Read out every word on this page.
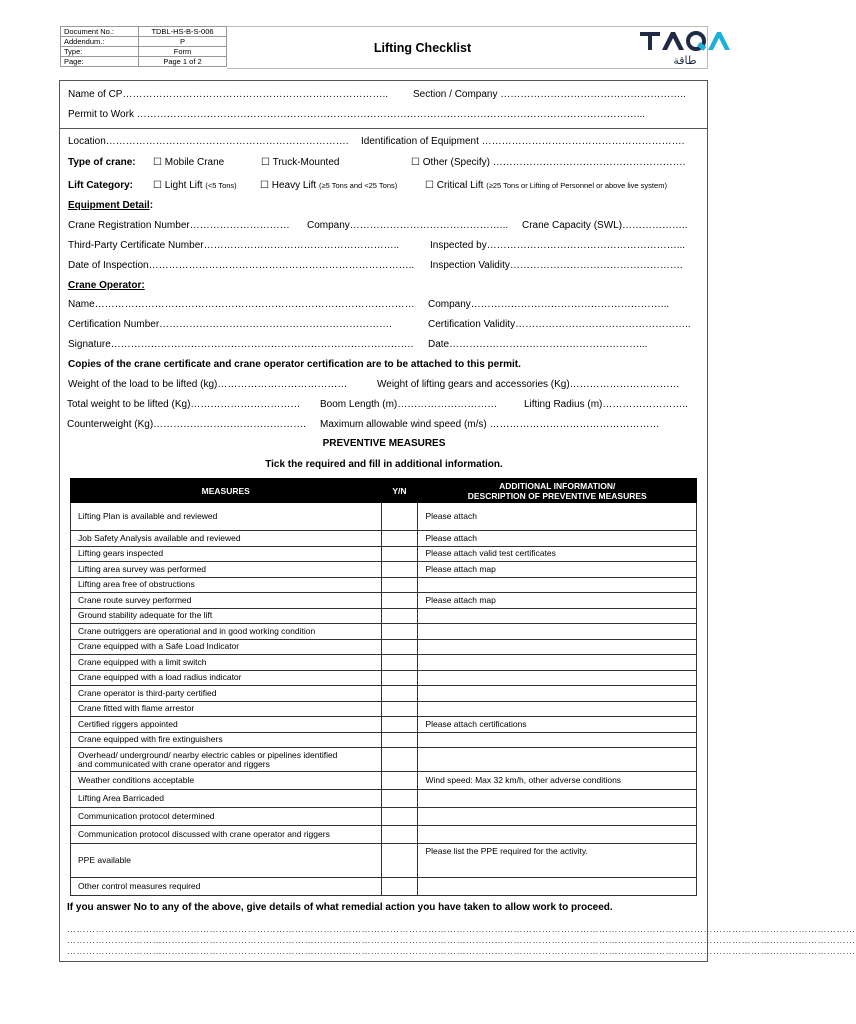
Document No.:	TDBL-HS-B-S-006
Addendum.:	P
Type:	Form
Page:	Page 1 of 2
Lifting Checklist
طاقة
Name of CP…………………………………………………………………….. Section / Company ………………………………………………..
Permit to Work ……………………………………………………………………………………………………………………………………...
Location………………………………………………………………. Identification of Equipment …………………………………………………….
Type of crane: ☐ Mobile Crane	☐ Truck-Mounted	☐ Other (Specify) ………………………………………………….
Lift Category: ☐ Light Lift (<5 Tons) ☐ Heavy Lift (≥5 Tons and <25 Tons)	☐ Critical Lift (≥25 Tons or Lifting of Personnel or above live system)
Equipment Detail:
Crane Registration Number………………………… Company………………………………………... Crane Capacity (SWL)………………..
Third-Party Certificate Number…………………………………………………..	Inspected by…………………………………………………...
Date of Inspection…………………………………………………………………….. Inspection Validity…………………………………………….
Crane Operator:
Name…………………………………………………………………………………… Company…………………………………………………...
Certification Number…………………………………………………………….	Certification Validity……………………………………………..
Signature………………………………………………………………………………. Date…………………………………………………...
Copies of the crane certificate and crane operator certification are to be attached to this permit.
Weight of the load to be lifted (kg)…………………………………	Weight of lifting gears and accessories (Kg)……………………………
Total weight to be lifted (Kg)…………………………… Boom Length (m)…………………………	Lifting Radius (m)……………………..
Counterweight (Kg)………………………………………. Maximum allowable wind speed (m/s) ……………………………………………
PREVENTIVE MEASURES
Tick the required and fill in additional information.
MEASURES	Y/N	ADDITIONAL INFORMATION/
DESCRIPTION OF PREVENTIVE MEASURES
Lifting Plan is available and reviewed		Please attach
Job Safety Analysis available and reviewed		Please attach
Lifting gears inspected		Please attach valid test certificates
Lifting area survey was performed		Please attach map
Lifting area free of obstructions		
Crane route survey performed		Please attach map
Ground stability adequate for the lift		
Crane outriggers are operational and in good working condition		
Crane equipped with a Safe Load Indicator		
Crane equipped with a limit switch		
Crane equipped with a load radius indicator		
Crane operator is third-party certified		
Crane fitted with flame arrestor		
Certified riggers appointed		Please attach certifications
Crane equipped with fire extinguishers		
Overhead/ underground/ nearby electric cables or pipelines identified
and communicated with crane operator and riggers		
Weather conditions acceptable		Wind speed: Max 32 km/h, other adverse conditions
Lifting Area Barricaded		
Communication protocol determined		
Communication protocol discussed with crane operator and riggers		
PPE available		Please list the PPE required for the activity.
Other control measures required		
If you answer No to any of the above, give details of what remedial action you have taken to allow work to proceed.
……………………………………………………………………………………………………………………………………………………………………………………………………………………………
……………………………………………………………………………………………………………………………………………………………………………………………………………………………
……………………………………………………………………………………………………………………………………………………………………………………………………………………………
